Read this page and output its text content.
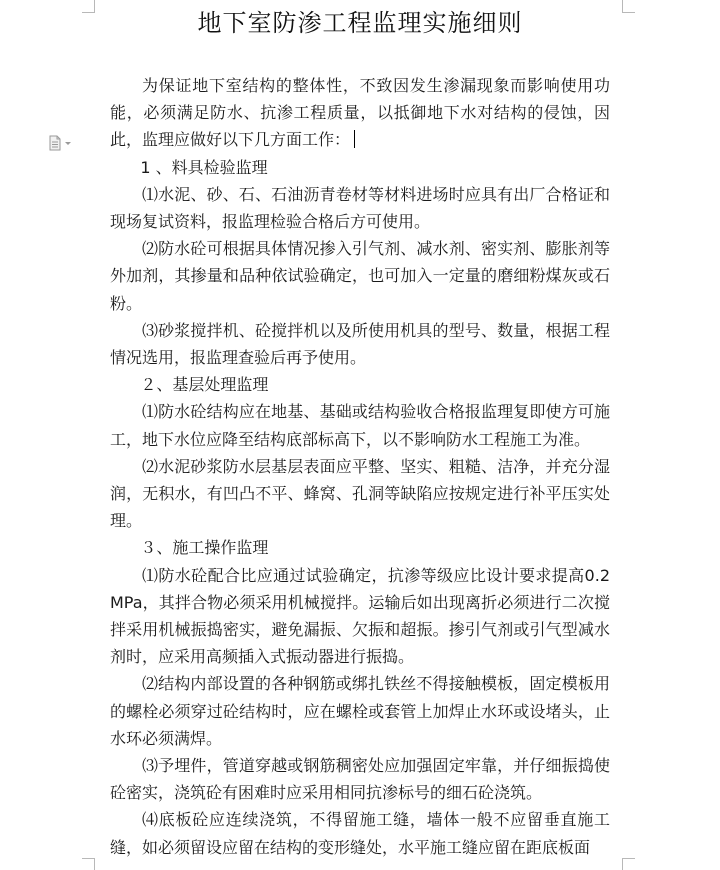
地下室防渗工程监理实施细则

为保证地下室结构的整体性，不致因发生渗漏现象而影响使用功能，必须满足防水、抗渗工程质量，以抵御地下水对结构的侵蚀，因此，监理应做好以下几方面工作：

1 、料具检验监理

⑴水泥、砂、石、石油沥青卷材等材料进场时应具有出厂合格证和现场复试资料，报监理检验合格后方可使用。

⑵防水砼可根据具体情况掺入引气剂、减水剂、密实剂、膨胀剂等外加剂，其掺量和品种依试验确定，也可加入一定量的磨细粉煤灰或石粉。

⑶砂浆搅拌机、砼搅拌机以及所使用机具的型号、数量，根据工程情况选用，报监理查验后再予使用。

２、基层处理监理

⑴防水砼结构应在地基、基础或结构验收合格报监理复即使方可施工，地下水位应降至结构底部标高下，以不影响防水工程施工为准。

⑵水泥砂浆防水层基层表面应平整、坚实、粗糙、洁净，并充分湿润，无积水，有凹凸不平、蜂窝、孔洞等缺陷应按规定进行补平压实处理。

３、施工操作监理

⑴防水砼配合比应通过试验确定，抗渗等级应比设计要求提高0.2MPa，其拌合物必须采用机械搅拌。运输后如出现离折必须进行二次搅拌采用机械振捣密实，避免漏振、欠振和超振。掺引气剂或引气型减水剂时，应采用高频插入式振动器进行振捣。

⑵结构内部设置的各种钢筋或绑扎铁丝不得接触模板，固定模板用的螺栓必须穿过砼结构时，应在螺栓或套管上加焊止水环或设堵头，止水环必须满焊。

⑶予埋件，管道穿越或钢筋稠密处应加强固定牢靠，并仔细振捣使砼密实，浇筑砼有困难时应采用相同抗渗标号的细石砼浇筑。

⑷底板砼应连续浇筑，不得留施工缝，墙体一般不应留垂直施工缝，如必须留设应留在结构的变形缝处，水平施工缝应留在距底板面
